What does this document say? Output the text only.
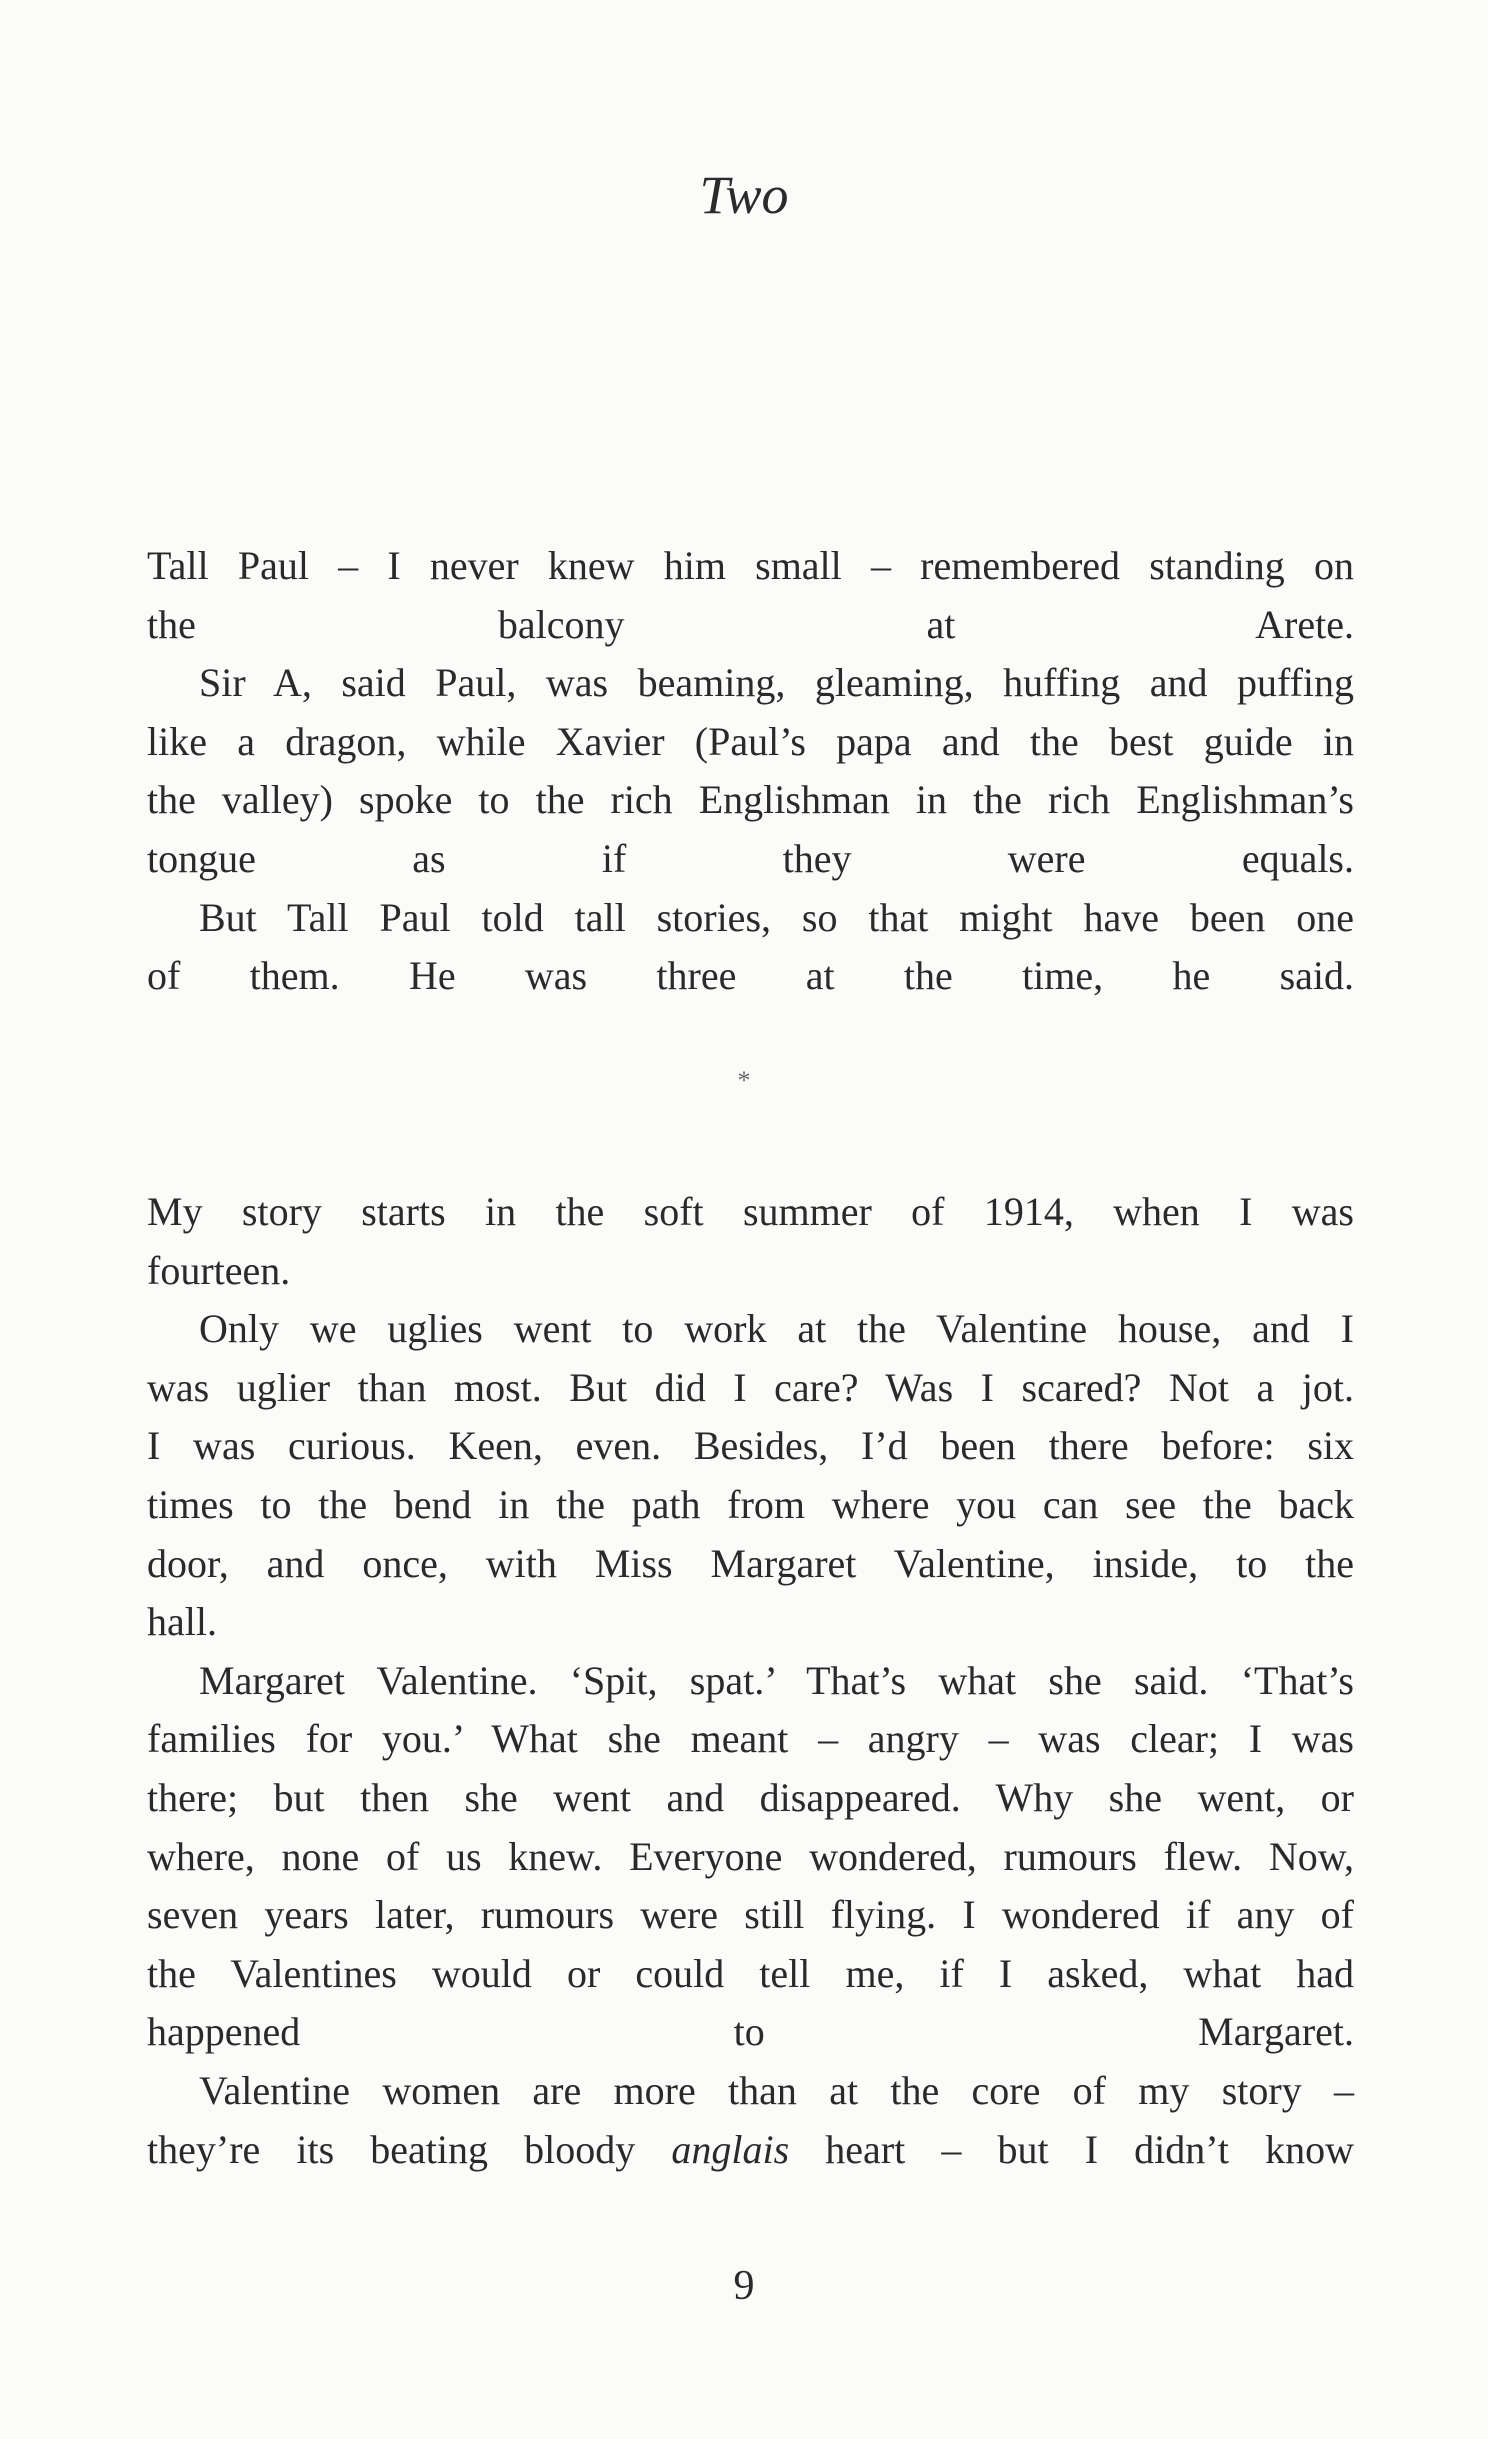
Two

Tall Paul – I never knew him small – remembered standing on
the balcony at Arete.

Sir A, said Paul, was beaming, gleaming, huffing and puffing
like a dragon, while Xavier (Paul’s papa and the best guide in
the valley) spoke to the rich Englishman in the rich Englishman’s
tongue as if they were equals.

But Tall Paul told tall stories, so that might have been one
of them. He was three at the time, he said.

*

My story starts in the soft summer of 1914, when I was
fourteen.

Only we uglies went to work at the Valentine house, and I
was uglier than most. But did I care? Was I scared? Not a jot.
I was curious. Keen, even. Besides, I’d been there before: six
times to the bend in the path from where you can see the back
door, and once, with Miss Margaret Valentine, inside, to the
hall.

Margaret Valentine. ‘Spit, spat.’ That’s what she said. ‘That’s
families for you.’ What she meant – angry – was clear; I was
there; but then she went and disappeared. Why she went, or
where, none of us knew. Everyone wondered, rumours flew. Now,
seven years later, rumours were still flying. I wondered if any of
the Valentines would or could tell me, if I asked, what had
happened to Margaret.

Valentine women are more than at the core of my story –
they’re its beating bloody anglais heart – but I didn’t know

9
